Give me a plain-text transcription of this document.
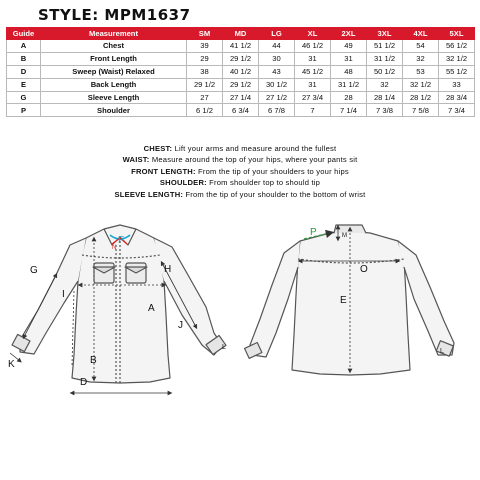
STYLE: MPM1637
Guide	Measurement	SM	MD	LG	XL	2XL	3XL	4XL	5XL
A	Chest	39	41 1/2	44	46 1/2	49	51 1/2	54	56 1/2
B	Front Length	29	29 1/2	30	31	31	31 1/2	32	32 1/2
D	Sweep (Waist) Relaxed	38	40 1/2	43	45 1/2	48	50 1/2	53	55 1/2
E	Back Length	29 1/2	29 1/2	30 1/2	31	31 1/2	32	32 1/2	33
G	Sleeve Length	27	27 1/4	27 1/2	27 3/4	28	28 1/4	28 1/2	28 3/4
P	Shoulder	6 1/2	6 3/4	6 7/8	7	7 1/4	7 3/8	7 5/8	7 3/4
CHEST: Lift your arms and measure around the fullest
WAIST: Measure around the top of your hips, where your pants sit
FRONT LENGTH: From the tip of your shoulders to your hips
SHOULDER: From shoulder top to should tip
SLEEVE LENGTH: From the tip of your shoulder to the bottom of wrist
G	H
I
A
J
K	B
D
F
N
L
P	M
O
E
L
